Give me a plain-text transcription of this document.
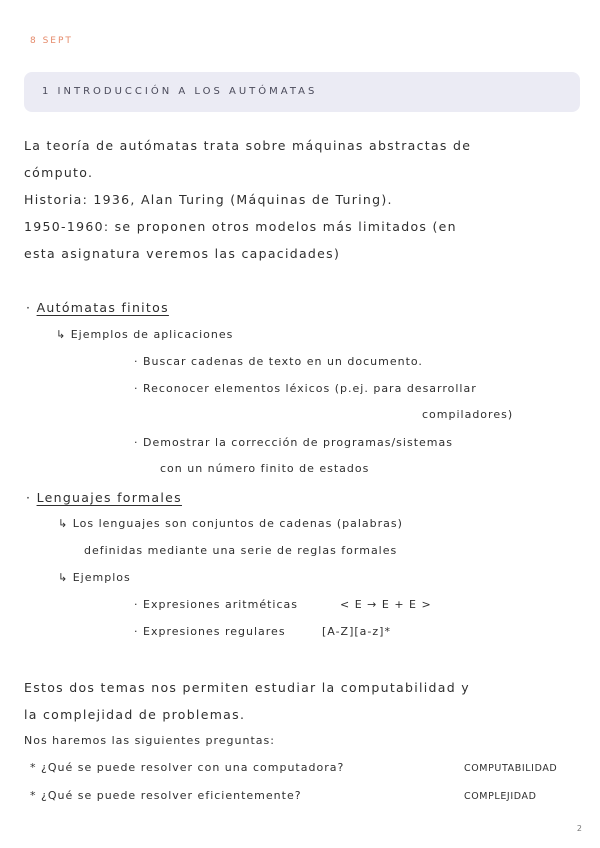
8 SEPT
1 INTRODUCCIÓN A LOS AUTÓMATAS
La teoría de autómatas trata sobre máquinas abstractas de
cómputo.
Historia: 1936, Alan Turing (Máquinas de Turing).
1950-1960: se proponen otros modelos más limitados (en
esta asignatura veremos las capacidades)
· Autómatas finitos
↳ Ejemplos de aplicaciones
· Buscar cadenas de texto en un documento.
· Reconocer elementos léxicos (p.ej. para desarrollar
compiladores)
· Demostrar la corrección de programas/sistemas
con un número finito de estados
· Lenguajes formales
↳ Los lenguajes son conjuntos de cadenas (palabras)
definidas mediante una serie de reglas formales
↳ Ejemplos
· Expresiones aritméticas	< E → E + E >
· Expresiones regulares	[A-Z][a-z]*
Estos dos temas nos permiten estudiar la computabilidad y
la complejidad de problemas.
Nos haremos las siguientes preguntas:
* ¿Qué se puede resolver con una computadora?	COMPUTABILIDAD
* ¿Qué se puede resolver eficientemente?	COMPLEJIDAD
2
